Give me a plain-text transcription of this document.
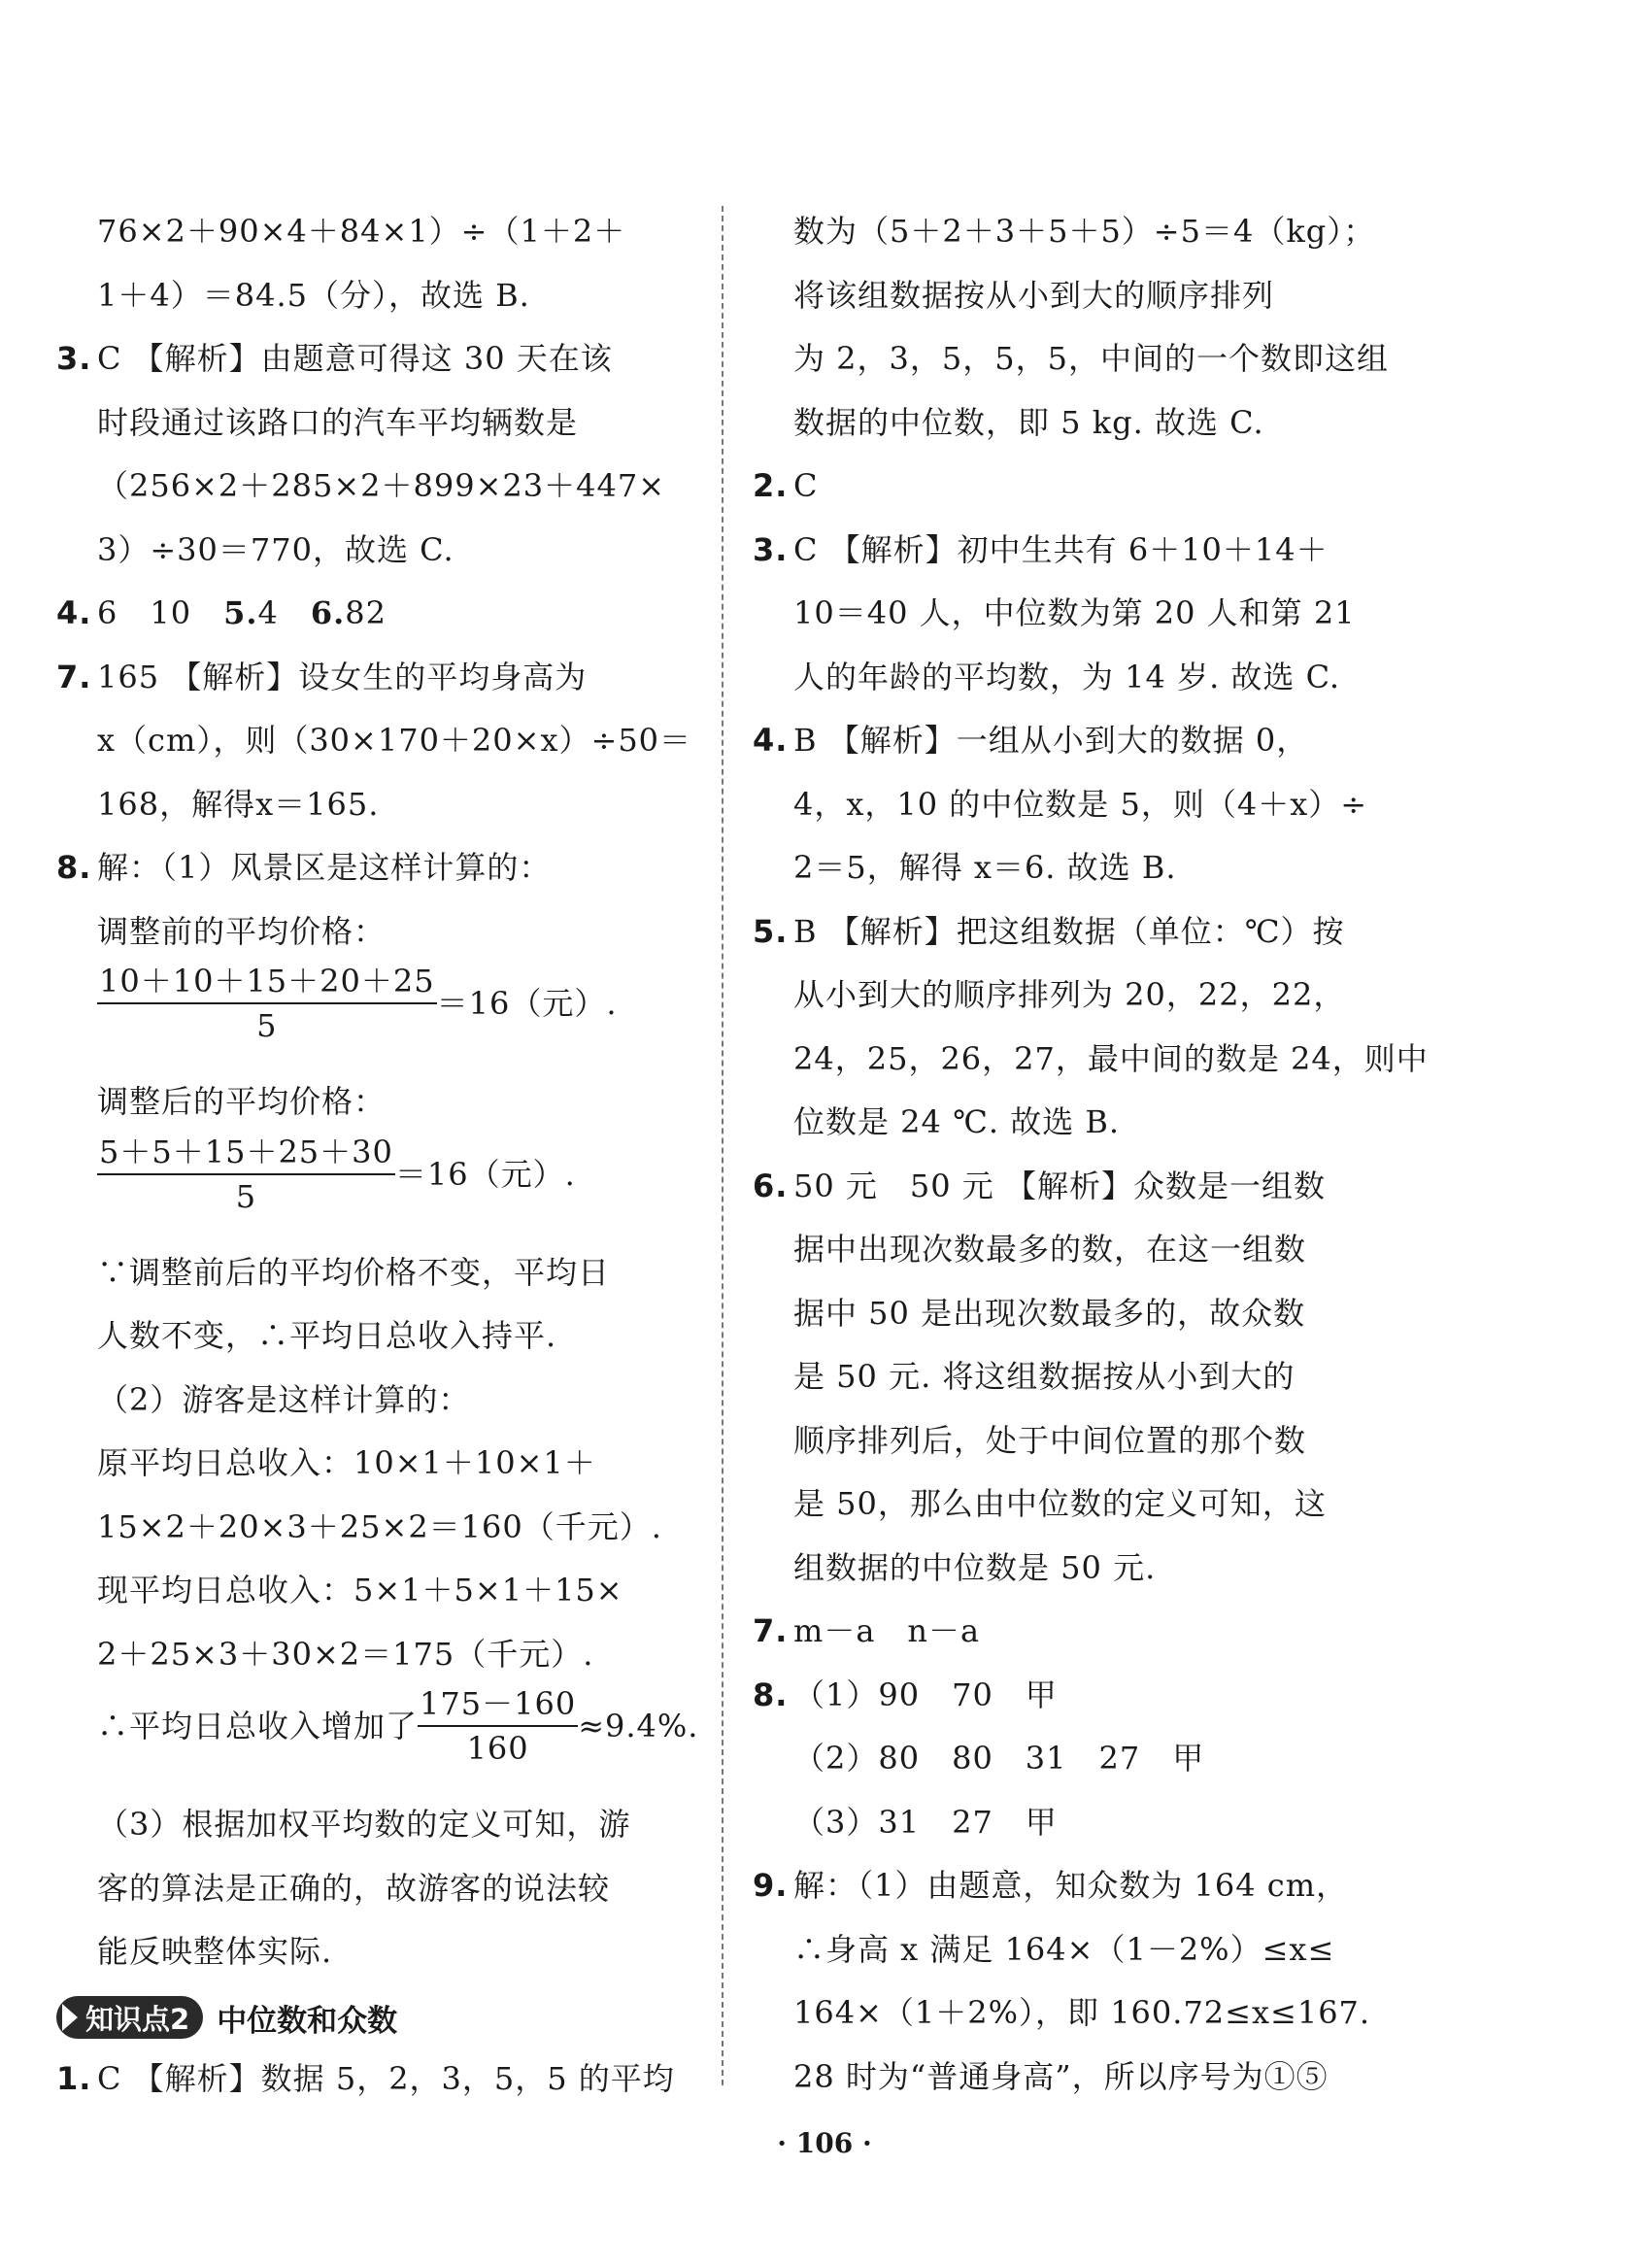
76×2＋90×4＋84×1）÷（1＋2＋
1＋4）＝84.5（分），故选 B.
3. C 【解析】由题意可得这 30 天在该
时段通过该路口的汽车平均辆数是
（256×2＋285×2＋899×23＋447×
3）÷30＝770，故选 C.
4. 6　10　5.4　6.82
7. 165 【解析】设女生的平均身高为
x（cm），则（30×170＋20×x）÷50＝
168，解得x＝165.
8. 解：（1）风景区是这样计算的：
调整前的平均价格：
$\frac{10+10+15+20+25}{5} =16$（元）.
调整后的平均价格：
$\frac{5+5+15+25+30}{5} =16$（元）.
∵调整前后的平均价格不变，平均日
人数不变，∴平均日总收入持平.
（2）游客是这样计算的：
原平均日总收入：10×1＋10×1＋
15×2＋20×3＋25×2＝160（千元）.
现平均日总收入：5×1＋5×1＋15×
2＋25×3＋30×2＝175（千元）.
∴平均日总收入增加了 $\frac{175-160}{160} \approx 9.4\%$.
（3）根据加权平均数的定义可知，游
客的算法是正确的，故游客的说法较
能反映整体实际.
知识点2 中位数和众数
1. C 【解析】数据 5，2，3，5，5 的平均
数为（5＋2＋3＋5＋5）÷5＝4（kg）；
将该组数据按从小到大的顺序排列
为 2，3，5，5，5，中间的一个数即这组
数据的中位数，即 5 kg. 故选 C.
2. C
3. C 【解析】初中生共有 6＋10＋14＋
10＝40 人，中位数为第 20 人和第 21
人的年龄的平均数，为 14 岁. 故选 C.
4. B 【解析】一组从小到大的数据 0，
4，x，10 的中位数是 5，则（4＋x）÷
2＝5，解得 x＝6. 故选 B.
5. B 【解析】把这组数据（单位：℃）按
从小到大的顺序排列为 20，22，22，
24，25，26，27，最中间的数是 24，则中
位数是 24 ℃. 故选 B.
6. 50 元　50 元 【解析】众数是一组数
据中出现次数最多的数，在这一组数
据中 50 是出现次数最多的，故众数
是 50 元. 将这组数据按从小到大的
顺序排列后，处于中间位置的那个数
是 50，那么由中位数的定义可知，这
组数据的中位数是 50 元.
7. m－a　n－a
8. （1）90　70　甲
（2）80　80　31　27　甲
（3）31　27　甲
9. 解：（1）由题意，知众数为 164 cm，
∴身高 x 满足 164×（1－2%）≤x≤
164×（1＋2%），即 160.72≤x≤167.
28 时为“普通身高”，所以序号为①⑤
· 106 ·
